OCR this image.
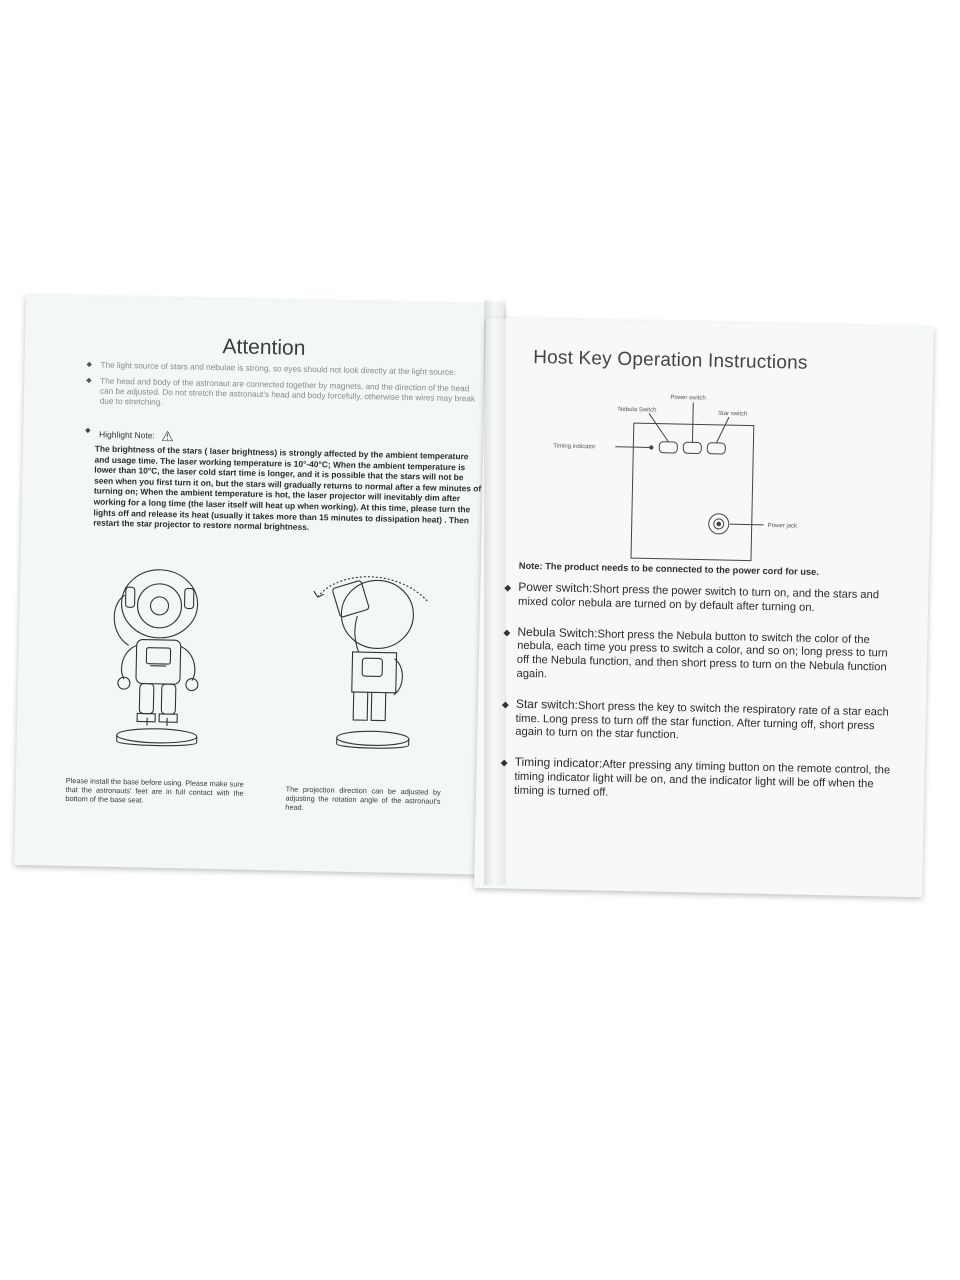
Attention
◆ The light source of stars and nebulae is strong, so eyes should not look directly at the light source.
◆ The head and body of the astronaut are connected together by magnets, and the direction of the head can be adjusted. Do not stretch the astronaut's head and body forcefully, otherwise the wires may break due to stretching.
◆ Highlight Note: ⚠
The brightness of the stars ( laser brightness) is strongly affected by the ambient temperature and usage time. The laser working temperature is 10°-40°C; When the ambient temperature is lower than 10°C, the laser cold start time is longer, and it is possible that the stars will not be seen when you first turn it on, but the stars will gradually returns to normal after a few minutes of turning on; When the ambient temperature is hot, the laser projector will inevitably dim after working for a long time (the laser itself will heat up when working). At this time, please turn the lights off and release its heat (usually it takes more than 15 minutes to dissipation heat) . Then restart the star projector to restore normal brightness.
Please install the base before using. Please make sure that the astronauts' feet are in full contact with the bottom of the base seat.
The projection direction can be adjusted by adjusting the rotation angle of the astronaut's head.
Host Key Operation Instructions
Power switch
Nebula Switch
Star switch
Timing indicator
Power jack
Note: The product needs to be connected to the power cord for use.
◆ Power switch:Short press the power switch to turn on, and the stars and mixed color nebula are turned on by default after turning on.
◆ Nebula Switch:Short press the Nebula button to switch the color of the nebula, each time you press to switch a color, and so on; long press to turn off the Nebula function, and then short press to turn on the Nebula function again.
◆ Star switch:Short press the key to switch the respiratory rate of a star each time. Long press to turn off the star function. After turning off, short press again to turn on the star function.
◆ Timing indicator:After pressing any timing button on the remote control, the timing indicator light will be on, and the indicator light will be off when the timing is turned off.
